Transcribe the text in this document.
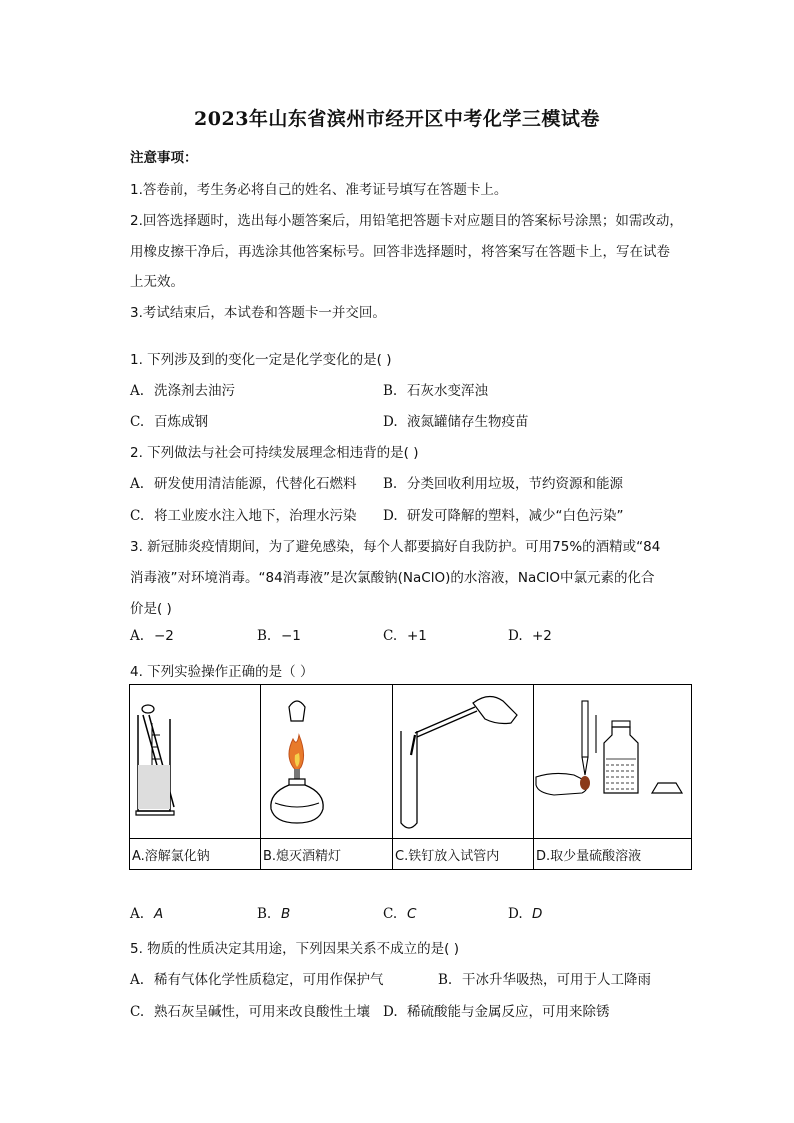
2023年山东省滨州市经开区中考化学三模试卷
注意事项：
1.答卷前，考生务必将自己的姓名、准考证号填写在答题卡上。
2.回答选择题时，选出每小题答案后，用铅笔把答题卡对应题目的答案标号涂黑；如需改动，
用橡皮擦干净后，再选涂其他答案标号。回答非选择题时，将答案写在答题卡上，写在试卷
上无效。
3.考试结束后，本试卷和答题卡一并交回。
1. 下列涉及到的变化一定是化学变化的是( )
A. 洗涤剂去油污	B. 石灰水变浑浊
C. 百炼成钢	D. 液氮罐储存生物疫苗
2. 下列做法与社会可持续发展理念相违背的是( )
A. 研发使用清洁能源，代替化石燃料 B. 分类回收利用垃圾，节约资源和能源
C. 将工业废水注入地下，治理水污染 D. 研发可降解的塑料，减少“白色污染”
3. 新冠肺炎疫情期间，为了避免感染，每个人都要搞好自我防护。可用75%的酒精或“84
消毒液”对环境消毒。“84消毒液”是次氯酸钠(NaClO)的水溶液，NaClO中氯元素的化合
价是( )
A. −2	B. −1	C. +1	D. +2
4. 下列实验操作正确的是（ ）

A.溶解氯化钠	B.熄灭酒精灯	C.铁钉放入试管内	D.取少量硫酸溶液
A. A	B. B	C. C	D. D
5. 物质的性质决定其用途，下列因果关系不成立的是( )
A. 稀有气体化学性质稳定，可用作保护气	B. 干冰升华吸热，可用于人工降雨
C. 熟石灰呈碱性，可用来改良酸性土壤 D. 稀硫酸能与金属反应，可用来除锈
